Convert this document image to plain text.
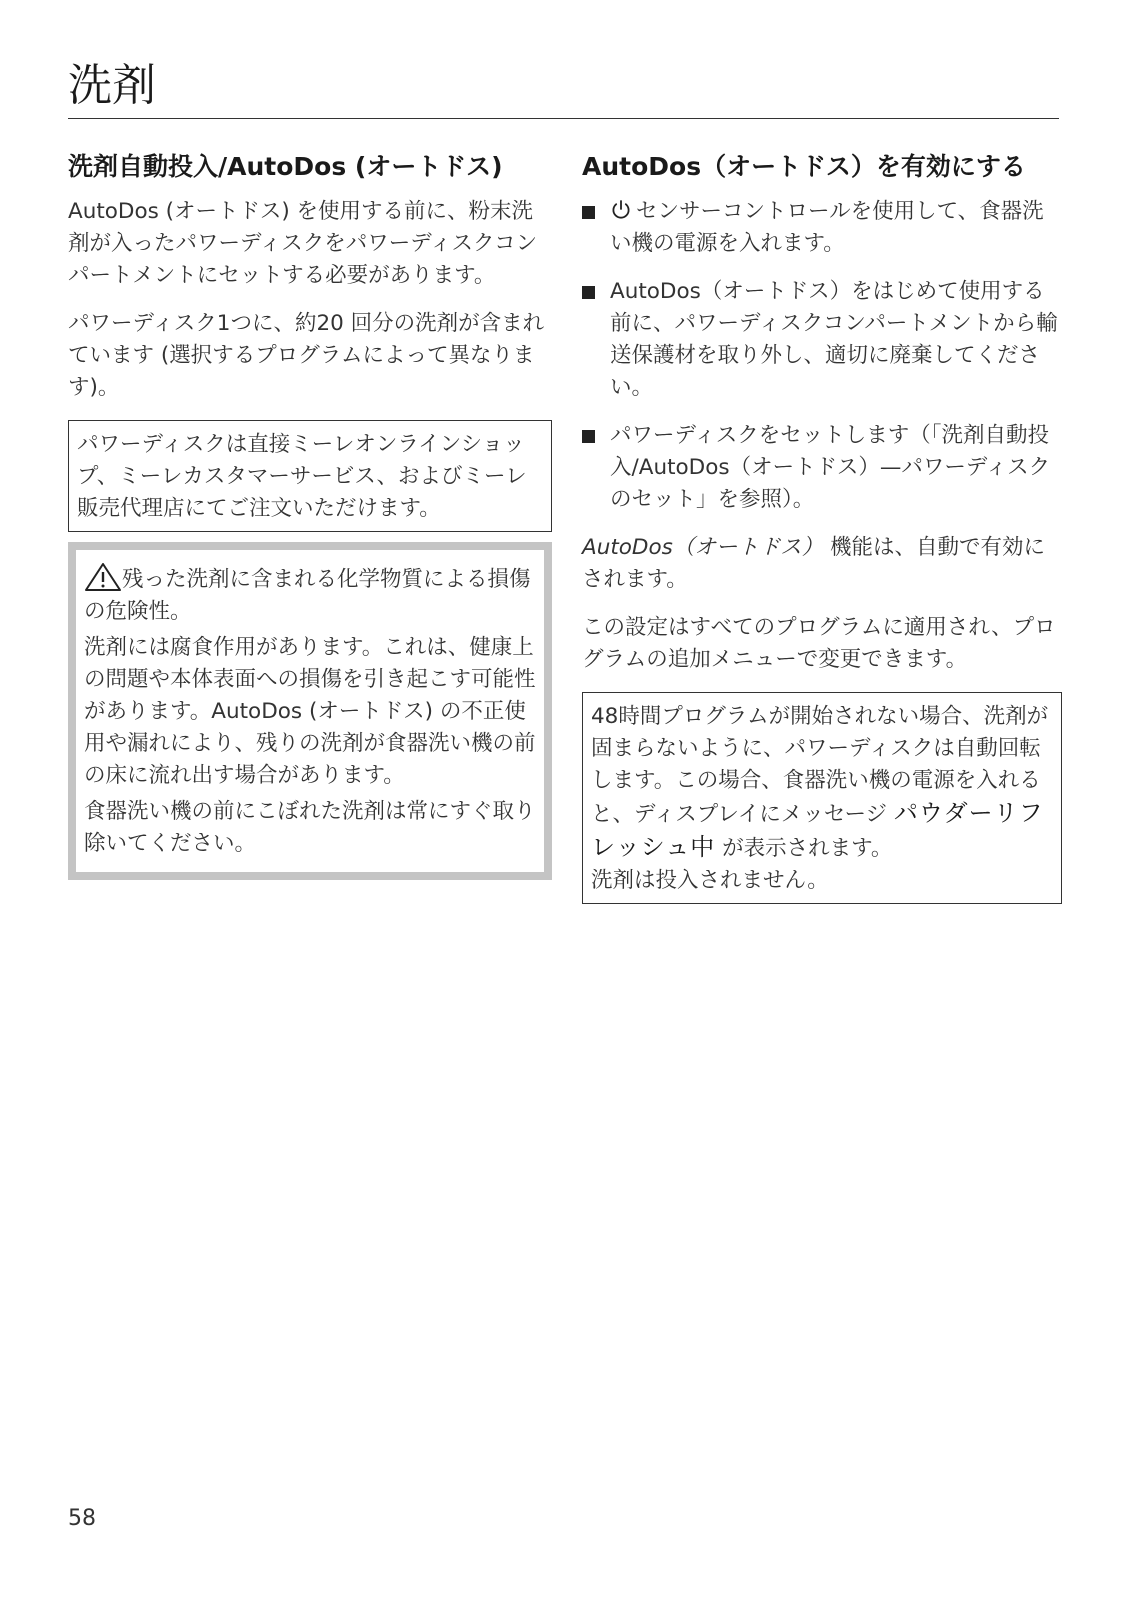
洗剤
洗剤自動投入/AutoDos (オートドス)

AutoDos (オートドス) を使用する前に、粉末洗剤が入ったパワーディスクをパワーディスクコンパートメントにセットする必要があります。

パワーディスク1つに、約20 回分の洗剤が含まれています (選択するプログラムによって異なります)。

パワーディスクは直接ミーレオンラインショップ、ミーレカスタマーサービス、およびミーレ販売代理店にてご注文いただけます。

残った洗剤に含まれる化学物質による損傷の危険性。

洗剤には腐食作用があります。これは、健康上の問題や本体表面への損傷を引き起こす可能性があります。AutoDos (オートドス) の不正使用や漏れにより、残りの洗剤が食器洗い機の前の床に流れ出す場合があります。

食器洗い機の前にこぼれた洗剤は常にすぐ取り除いてください。

AutoDos（オートドス）を有効にする
センサーコントロールを使用して、食器洗い機の電源を入れます。
AutoDos（オートドス）をはじめて使用する前に、パワーディスクコンパートメントから輸送保護材を取り外し、適切に廃棄してください。
パワーディスクをセットします（「洗剤自動投入/AutoDos（オートドス）—パワーディスクのセット」を参照）。

AutoDos（オートドス） 機能は、自動で有効にされます。

この設定はすべてのプログラムに適用され、プログラムの追加メニューで変更できます。

48時間プログラムが開始されない場合、洗剤が固まらないように、パワーディスクは自動回転します。この場合、食器洗い機の電源を入れると、ディスプレイにメッセージ パウダーリフレッシュ中 が表示されます。
洗剤は投入されません。
58
